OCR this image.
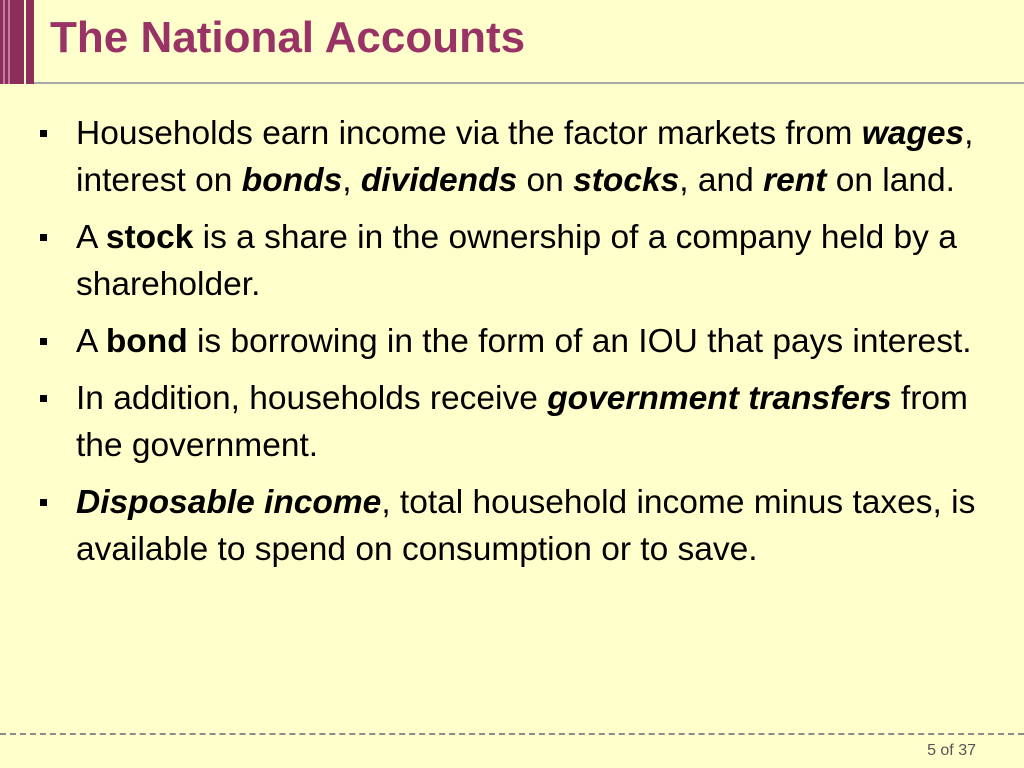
The National Accounts
Households earn income via the factor markets from wages, interest on bonds, dividends on stocks, and rent on land.
A stock is a share in the ownership of a company held by a shareholder.
A bond is borrowing in the form of an IOU that pays interest.
In addition, households receive government transfers from the government.
Disposable income, total household income minus taxes, is available to spend on consumption or to save.
5 of 37
